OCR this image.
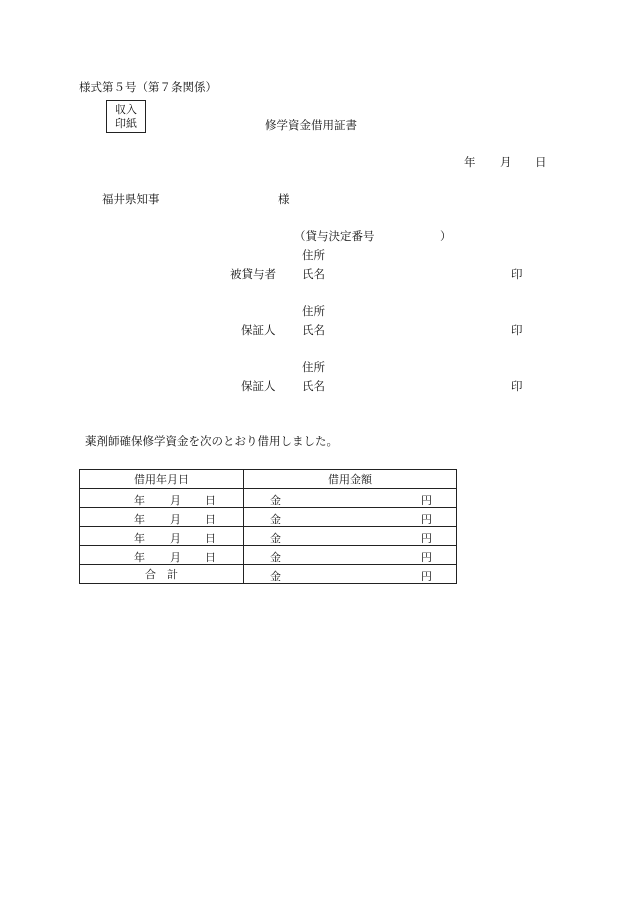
様式第５号（第７条関係）
収入
印紙	修学資金借用証書
年 月 日
福井県知事	様
（貸与決定番号	）
住所
被貸与者 氏名	印
住所
保証人 氏名	印
住所
保証人 氏名	印
薬剤師確保修学資金を次のとおり借用しました。
借用年月日	借用金額

年 月 日	金 円

年 月 日	金 円

年 月 日	金 円

年 月 日	金 円

合　計	金 円
